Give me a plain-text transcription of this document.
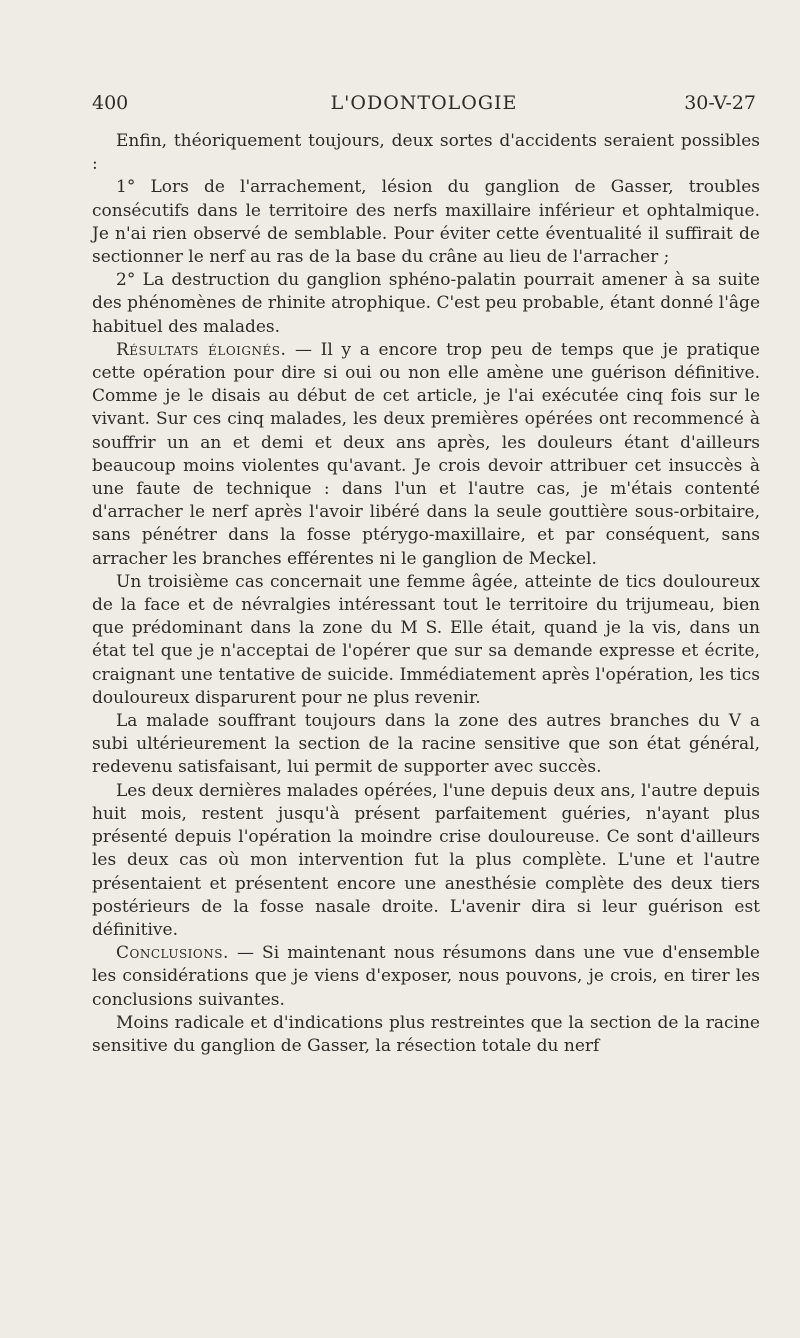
400	L'ODONTOLOGIE	30-V-27

Enfin, théoriquement toujours, deux sortes d'accidents seraient possibles :

1° Lors de l'arrachement, lésion du ganglion de Gasser, troubles consécutifs dans le territoire des nerfs maxillaire inférieur et ophtalmique. Je n'ai rien observé de semblable. Pour éviter cette éventualité il suffirait de sectionner le nerf au ras de la base du crâne au lieu de l'arracher ;

2° La destruction du ganglion sphéno-palatin pourrait amener à sa suite des phénomènes de rhinite atrophique. C'est peu probable, étant donné l'âge habituel des malades.

Résultats éloignés. — Il y a encore trop peu de temps que je pratique cette opération pour dire si oui ou non elle amène une guérison définitive. Comme je le disais au début de cet article, je l'ai exécutée cinq fois sur le vivant. Sur ces cinq malades, les deux premières opérées ont recommencé à souffrir un an et demi et deux ans après, les douleurs étant d'ailleurs beaucoup moins violentes qu'avant. Je crois devoir attribuer cet insuccès à une faute de technique : dans l'un et l'autre cas, je m'étais contenté d'arracher le nerf après l'avoir libéré dans la seule gouttière sous-orbitaire, sans pénétrer dans la fosse ptérygo-maxillaire, et par conséquent, sans arracher les branches efférentes ni le ganglion de Meckel.

Un troisième cas concernait une femme âgée, atteinte de tics douloureux de la face et de névralgies intéressant tout le territoire du trijumeau, bien que prédominant dans la zone du M S. Elle était, quand je la vis, dans un état tel que je n'acceptai de l'opérer que sur sa demande expresse et écrite, craignant une tentative de suicide. Immédiatement après l'opération, les tics douloureux disparurent pour ne plus revenir.

La malade souffrant toujours dans la zone des autres branches du V a subi ultérieurement la section de la racine sensitive que son état général, redevenu satisfaisant, lui permit de supporter avec succès.

Les deux dernières malades opérées, l'une depuis deux ans, l'autre depuis huit mois, restent jusqu'à présent parfaitement guéries, n'ayant plus présenté depuis l'opération la moindre crise douloureuse. Ce sont d'ailleurs les deux cas où mon intervention fut la plus complète. L'une et l'autre présentaient et présentent encore une anesthésie complète des deux tiers postérieurs de la fosse nasale droite. L'avenir dira si leur guérison est définitive.

Conclusions. — Si maintenant nous résumons dans une vue d'ensemble les considérations que je viens d'exposer, nous pouvons, je crois, en tirer les conclusions suivantes.

Moins radicale et d'indications plus restreintes que la section de la racine sensitive du ganglion de Gasser, la résection totale du nerf
